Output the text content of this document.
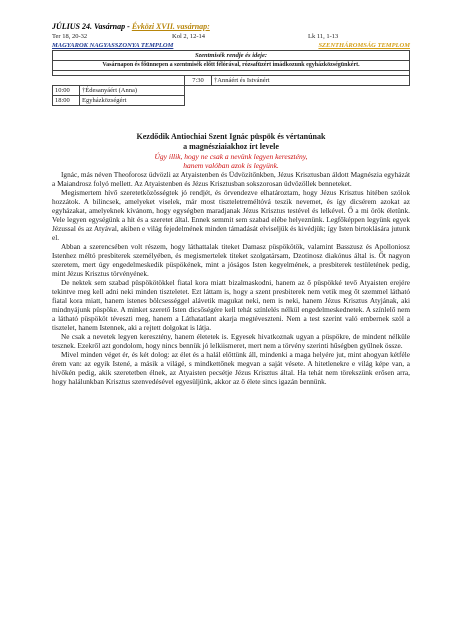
JÚLIUS 24. Vasárnap - Évközi XVII. vasárnap:
Ter 18, 20-32	Kol 2, 12-14	Lk 11, 1-13
MAGYAROK NAGYASSZONYA TEMPLOM	SZENTHÁROMSÁG TEMPLOM
Szentmisék rendje és ideje:			
Vasárnapon és főünnepen a szentmisék előtt félórával, rózsafüzért imádkozunk egyházközségünkért.			

		7:30	†Annáért és Istvánért
10:00	†Édesanyáért (Anna)		
18:00	Egyházközségért		
Kezdődik Antiochiai Szent Ignác püspök és vértanúnak
a magnésziaiakhoz írt levele
Úgy illik, hogy ne csak a nevünk legyen keresztény,
hanem valóban azok is legyünk.

Ignác, más néven Theoforosz üdvözli az Atyaistenben és Üdvözítőnkben, Jézus Krisztusban áldott Magnészia egyházát a Maiandrosz folyó mellett. Az Atyaistenben és Jézus Krisztusban sokszorosan üdvözöllek benneteket.

Megismertem hívő szeretetközösségtek jó rendjét, és örvendezve elhatároztam, hogy Jézus Krisztus hitében szólok hozzátok. A bilincsek, amelyeket viselek, már most tiszteletreméltóvá teszik nevemet, és így dicsérem azokat az egyházakat, amelyeknek kívánom, hogy egységben maradjanak Jézus Krisztus testével és lelkével. Ő a mi örök életünk. Vele legyen egységünk a hit és a szeretet által. Ennek semmit sem szabad elébe helyeznünk. Legfőképpen legyünk egyek Jézussal és az Atyával, akiben e világ fejedelmének minden támadását elviseljük és kivédjük; így Isten birtoklására jutunk el.

Abban a szerencsében volt részem, hogy láthattalak titeket Damasz püspökötök, valamint Basszusz és Apolloniosz Istenhez méltó presbiterek személyében, és megismertelek titeket szolgatársam, Dzotinosz diakónus által is. Őt nagyon szeretem, mert úgy engedelmeskedik püspökének, mint a jóságos Isten kegyelmének, a presbiterek testületének pedig, mint Jézus Krisztus törvényének.

De nektek sem szabad püspökötökkel fiatal kora miatt bizalmaskodni, hanem az ő püspökké tevő Atyaisten erejére tekintve meg kell adni neki minden tiszteletet. Ezt láttam is, hogy a szent presbiterek nem vetik meg őt szemmel látható fiatal kora miatt, hanem istenes bölcsességgel alávetik magukat neki, nem is neki, hanem Jézus Krisztus Atyjának, aki mindnyájunk püspöke. A minket szerető Isten dicsőségére kell tehát színlelés nélkül engedelmeskednetek. A színlelő nem a látható püspököt téveszti meg, hanem a Láthatatlant akarja megtéveszteni. Nem a test szerint való embernek szól a tisztelet, hanem Istennek, aki a rejtett dolgokat is látja.

Ne csak a nevetek legyen keresztény, hanem életetek is. Egyesek hivatkoznak ugyan a püspökre, de mindent nélküle tesznek. Ezekről azt gondolom, hogy nincs bennük jó lelkiismeret, mert nem a törvény szerinti hűségben gyűlnek össze.

Mivel minden véget ér, és két dolog: az élet és a halál előttünk áll, mindenki a maga helyére jut, mint ahogyan kétféle érem van: az egyik Istené, a másik a világé, s mindkettőnek megvan a saját vésete. A hitetlenekre e világ képe van, a hívőkén pedig, akik szeretetben élnek, az Atyaisten pecsétje Jézus Krisztus által. Ha tehát nem törekszünk erősen arra, hogy halálunkban Krisztus szenvedésével egyesüljünk, akkor az ő élete sincs igazán bennünk.
